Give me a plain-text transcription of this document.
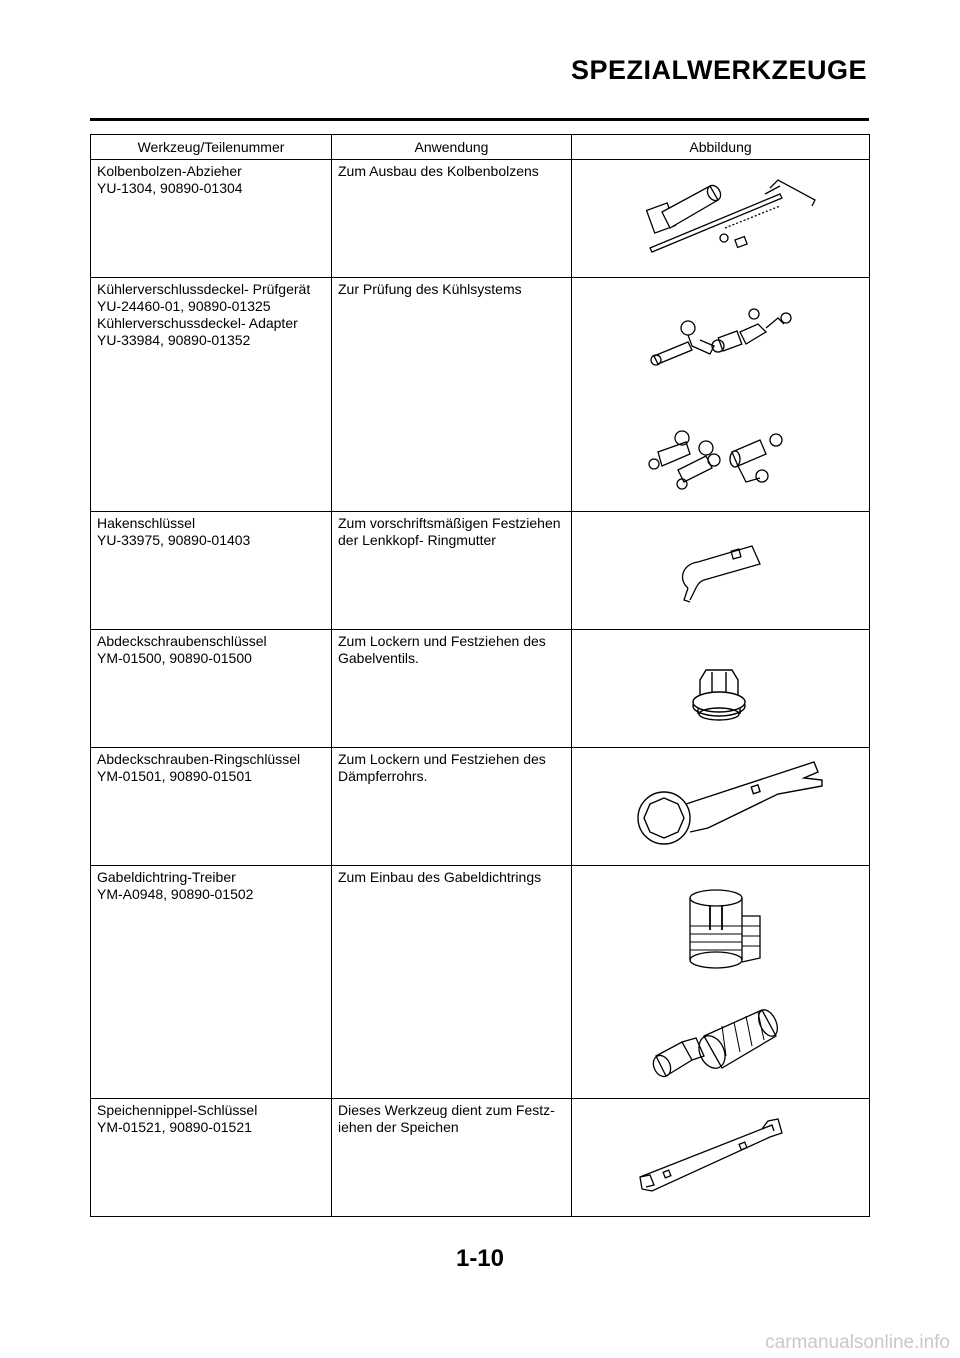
SPEZIALWERKZEUGE
Werkzeug/Teilenummer	Anwendung	Abbildung

Kolbenbolzen-Abzieher
YU-1304, 90890-01304	Zum Ausbau des Kolbenbolzens	

Kühlerverschlussdeckel- Prüfgerät
YU-24460-01, 90890-01325
Kühlerverschussdeckel- Adapter
YU-33984, 90890-01352	Zur Prüfung des Kühlsystems	

Hakenschlüssel
YU-33975, 90890-01403	Zum vorschriftsmäßigen Festziehen der Lenkkopf- Ringmutter	

Abdeckschraubenschlüssel
YM-01500, 90890-01500	Zum Lockern und Festziehen des Gabelventils.	

Abdeckschrauben-Ringschlüssel
YM-01501, 90890-01501	Zum Lockern und Festziehen des Dämpferrohrs.	

Gabeldichtring-Treiber
YM-A0948, 90890-01502	Zum Einbau des Gabeldichtrings	

Speichennippel-Schlüssel
YM-01521, 90890-01521	Dieses Werkzeug dient zum Festz-iehen der Speichen	
1-10
carmanualsonline.info
